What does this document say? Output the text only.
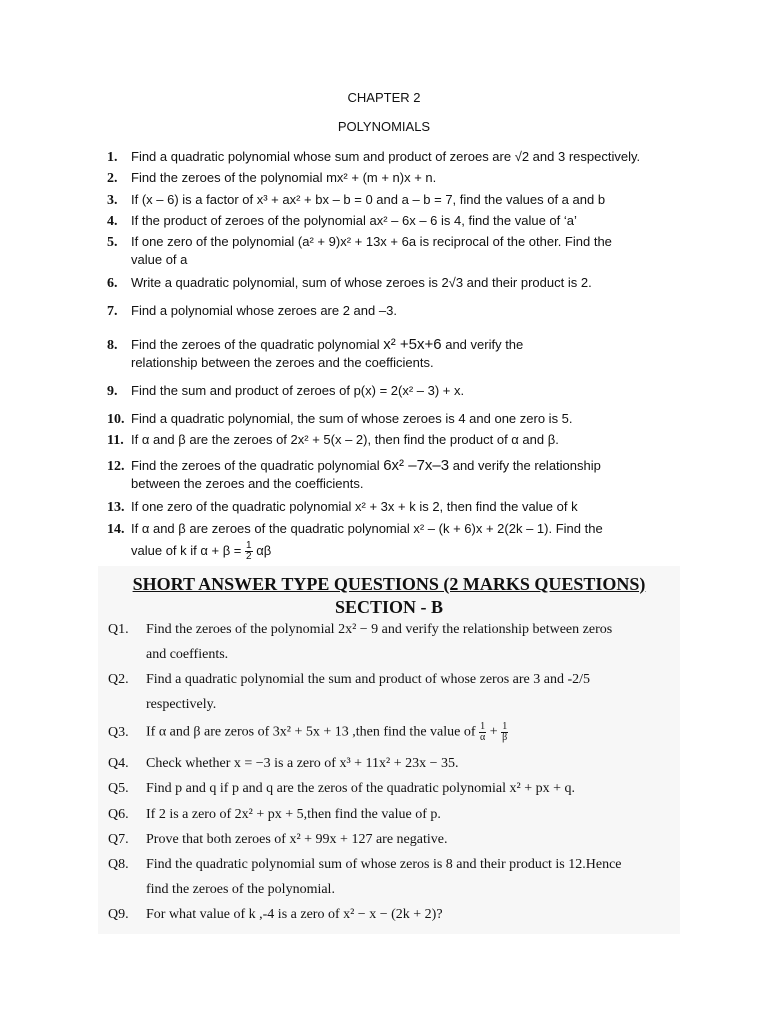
CHAPTER 2
POLYNOMIALS
1. Find a quadratic polynomial whose sum and product of zeroes are √2 and 3 respectively.
2. Find the zeroes of the polynomial mx² + (m + n)x + n.
3. If (x – 6) is a factor of x³ + ax² + bx – b = 0 and a – b = 7, find the values of a and b
4. If the product of zeroes of the polynomial ax² – 6x – 6 is 4, find the value of ‘a’
5. If one zero of the polynomial (a² + 9)x² + 13x + 6a is reciprocal of the other. Find the
value of a
6. Write a quadratic polynomial, sum of whose zeroes is 2√3 and their product is 2.
7. Find a polynomial whose zeroes are 2 and –3.
8. Find the zeroes of the quadratic polynomial x² +5x+6 and verify the
relationship between the zeroes and the coefficients.
9. Find the sum and product of zeroes of p(x) = 2(x² – 3) + x.
10. Find a quadratic polynomial, the sum of whose zeroes is 4 and one zero is 5.
11. If α and β are the zeroes of 2x² + 5(x – 2), then find the product of α and β.
12. Find the zeroes of the quadratic polynomial 6x² –7x–3 and verify the relationship
between the zeroes and the coefficients.
13. If one zero of the quadratic polynomial x² + 3x + k is 2, then find the value of k
14. If α and β are zeroes of the quadratic polynomial x² – (k + 6)x + 2(2k – 1). Find the
value of k if $\alpha + \beta = \frac{1}{2}$ αβ
SHORT ANSWER TYPE QUESTIONS (2 MARKS QUESTIONS)
SECTION - B
Q1. Find the zeroes of the polynomial 2x² − 9 and verify the relationship between zeros
and coeffients.
Q2. Find a quadratic polynomial the sum and product of whose zeros are 3 and -2/5
respectively.
Q3. If α and β are zeros of 3x² + 5x + 13 ,then find the value of $\frac{1}{\alpha} + \frac{1}{\beta}$
Q4. Check whether x = −3 is a zero of x³ + 11x² + 23x − 35.
Q5. Find p and q if p and q are the zeros of the quadratic polynomial x² + px + q.
Q6. If 2 is a zero of 2x² + px + 5,then find the value of p.
Q7. Prove that both zeroes of x² + 99x + 127 are negative.
Q8. Find the quadratic polynomial sum of whose zeros is 8 and their product is 12.Hence
find the zeroes of the polynomial.
Q9. For what value of k ,-4 is a zero of x² − x − (2k + 2)?
